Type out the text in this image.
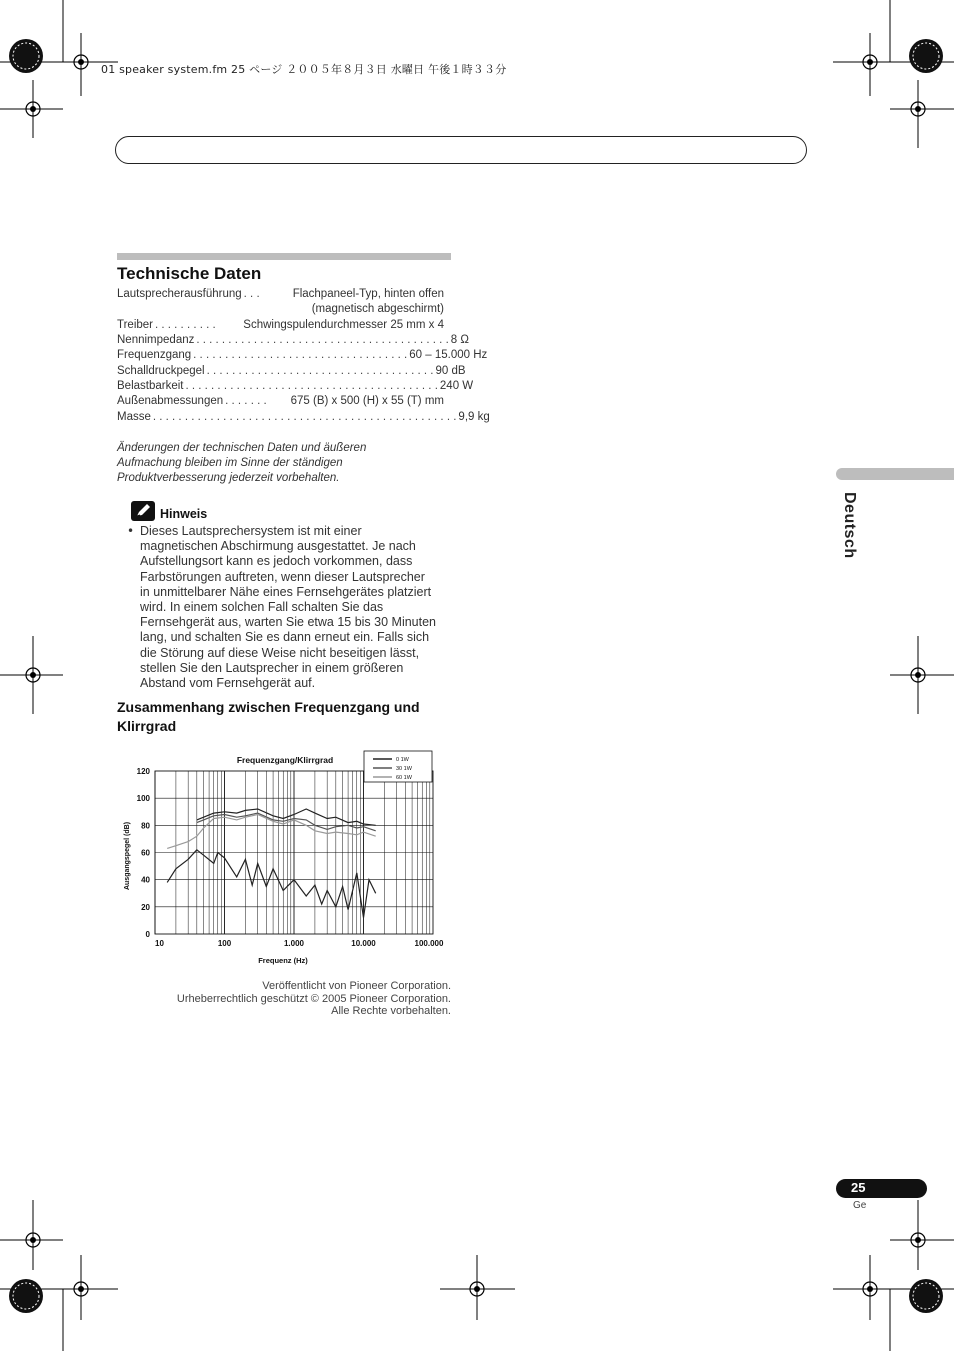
01 speaker system.fm 25 ページ ２００５年８月３日 水曜日 午後１時３３分
Technische Daten
Lautsprecherausführung . . .	Flachpaneel-Typ, hinten offen
(magnetisch abgeschirmt)
Treiber . . . . . . . . . .	Schwingspulendurchmesser 25 mm x 4
Nennimpedanz . . . . . . . . . . . . . . . . . . . . . . . . . . . . . . . . . . . . . . . . 8 Ω
Frequenzgang . . . . . . . . . . . . . . . . . . . . . . . . . . . . . . . . . . 60 – 15.000 Hz
Schalldruckpegel . . . . . . . . . . . . . . . . . . . . . . . . . . . . . . . . . . . . 90 dB
Belastbarkeit . . . . . . . . . . . . . . . . . . . . . . . . . . . . . . . . . . . . . . . . 240 W
Außenabmessungen . . . . . . .	675 (B) x 500 (H) x 55 (T) mm
Masse . . . . . . . . . . . . . . . . . . . . . . . . . . . . . . . . . . . . . . . . . . . . . . . . 9,9 kg
Änderungen der technischen Daten und äußeren
Aufmachung bleiben im Sinne der ständigen
Produktverbesserung jederzeit vorbehalten.
Hinweis
• Dieses Lautsprechersystem ist mit einer
magnetischen Abschirmung ausgestattet. Je nach
Aufstellungsort kann es jedoch vorkommen, dass
Farbstörungen auftreten, wenn dieser Lautsprecher
in unmittelbarer Nähe eines Fernsehgerätes platziert
wird. In einem solchen Fall schalten Sie das
Fernsehgerät aus, warten Sie etwa 15 bis 30 Minuten
lang, und schalten Sie es dann erneut ein. Falls sich
die Störung auf diese Weise nicht beseitigen lässt,
stellen Sie den Lautsprecher in einem größeren
Abstand vom Fernsehgerät auf.
Zusammenhang zwischen Frequenzgang und
Klirrgrad
Frequenzgang/Klirrgrad
120
100
80
60
40
20
0
10	100	1.000	10.000	100.000
Ausgangspegel (dB)
Frequenz (Hz)
0 1W
30 1W
60 1W
Veröffentlicht von Pioneer Corporation.
Urheberrechtlich geschützt © 2005 Pioneer Corporation.
Alle Rechte vorbehalten.
Deutsch
25
Ge
